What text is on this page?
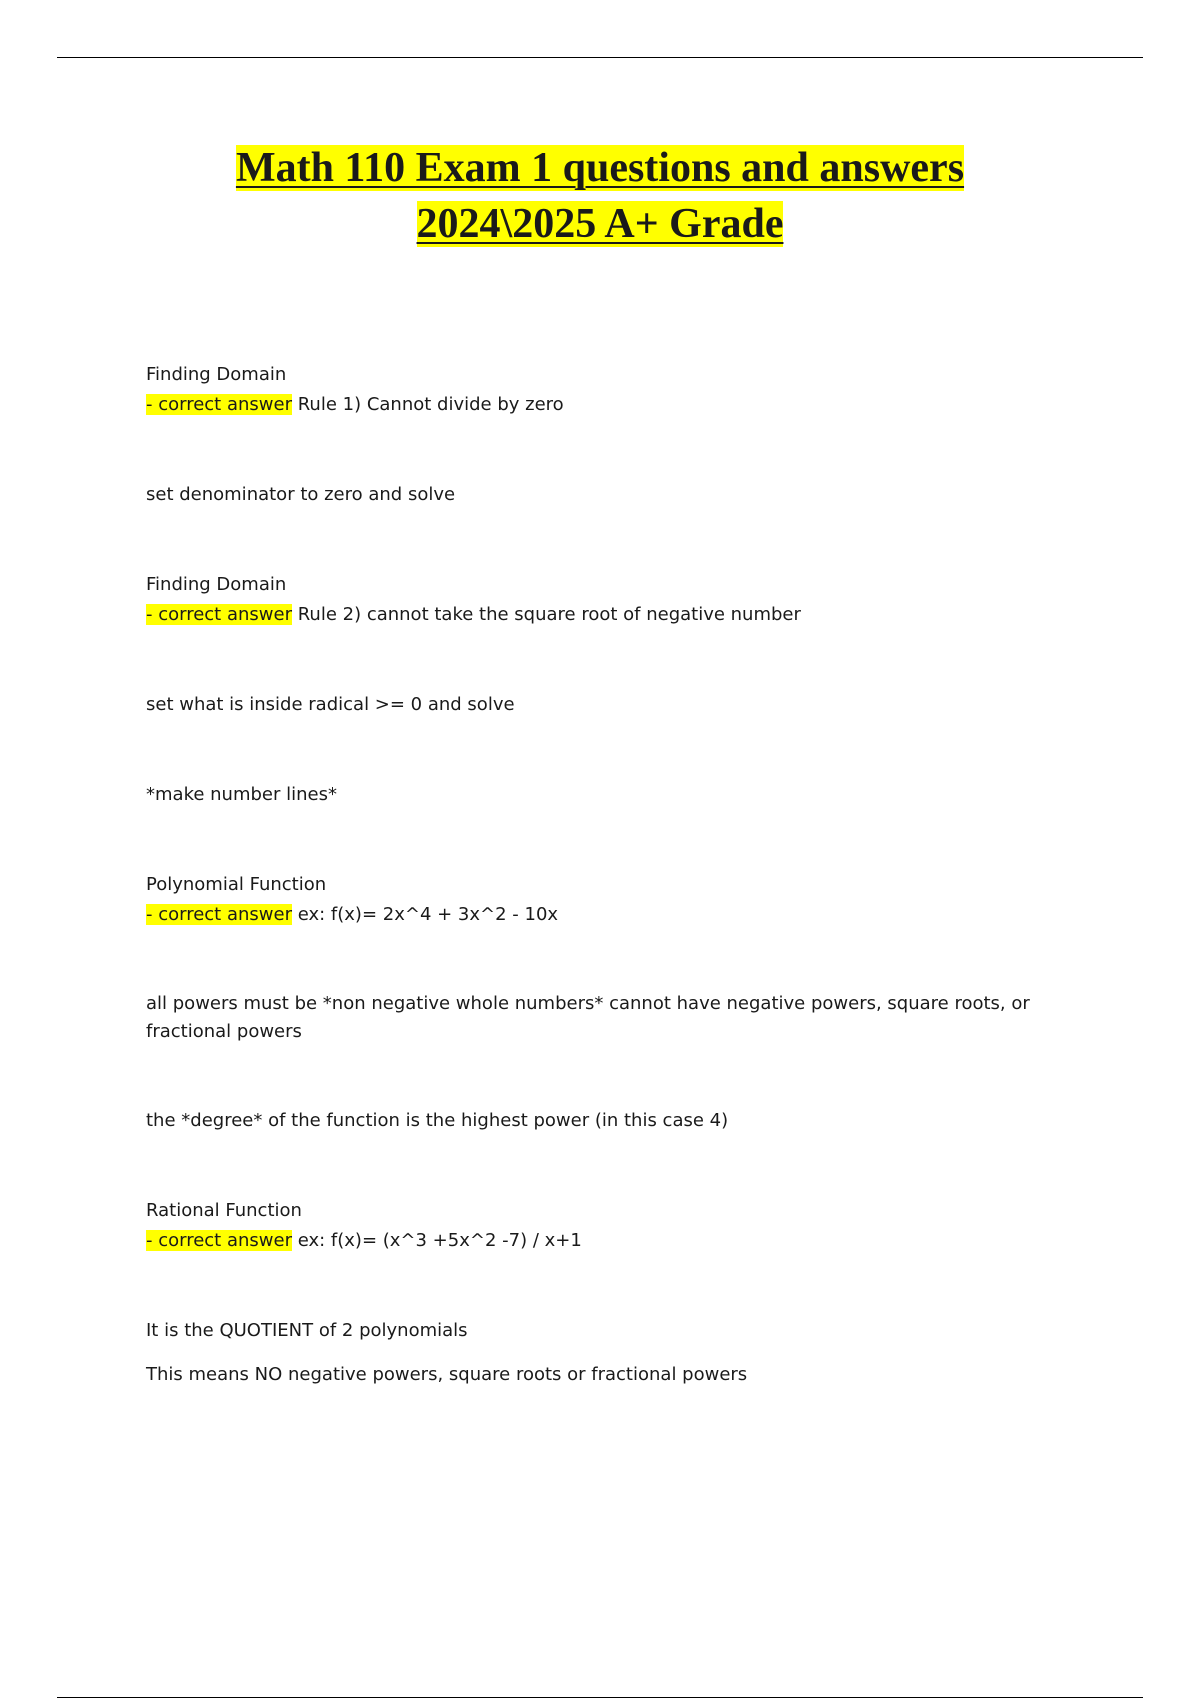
Math 110 Exam 1 questions and answers
2024\2025 A+ Grade

Finding Domain

- correct answer Rule 1) Cannot divide by zero

set denominator to zero and solve

Finding Domain

- correct answer Rule 2) cannot take the square root of negative number

set what is inside radical >= 0 and solve

*make number lines*

Polynomial Function

- correct answer ex: f(x)= 2x^4 + 3x^2 - 10x

all powers must be *non negative whole numbers* cannot have negative powers, square roots, or fractional powers

the *degree* of the function is the highest power (in this case 4)

Rational Function

- correct answer ex: f(x)= (x^3 +5x^2 -7) / x+1

It is the QUOTIENT of 2 polynomials

This means NO negative powers, square roots or fractional powers
